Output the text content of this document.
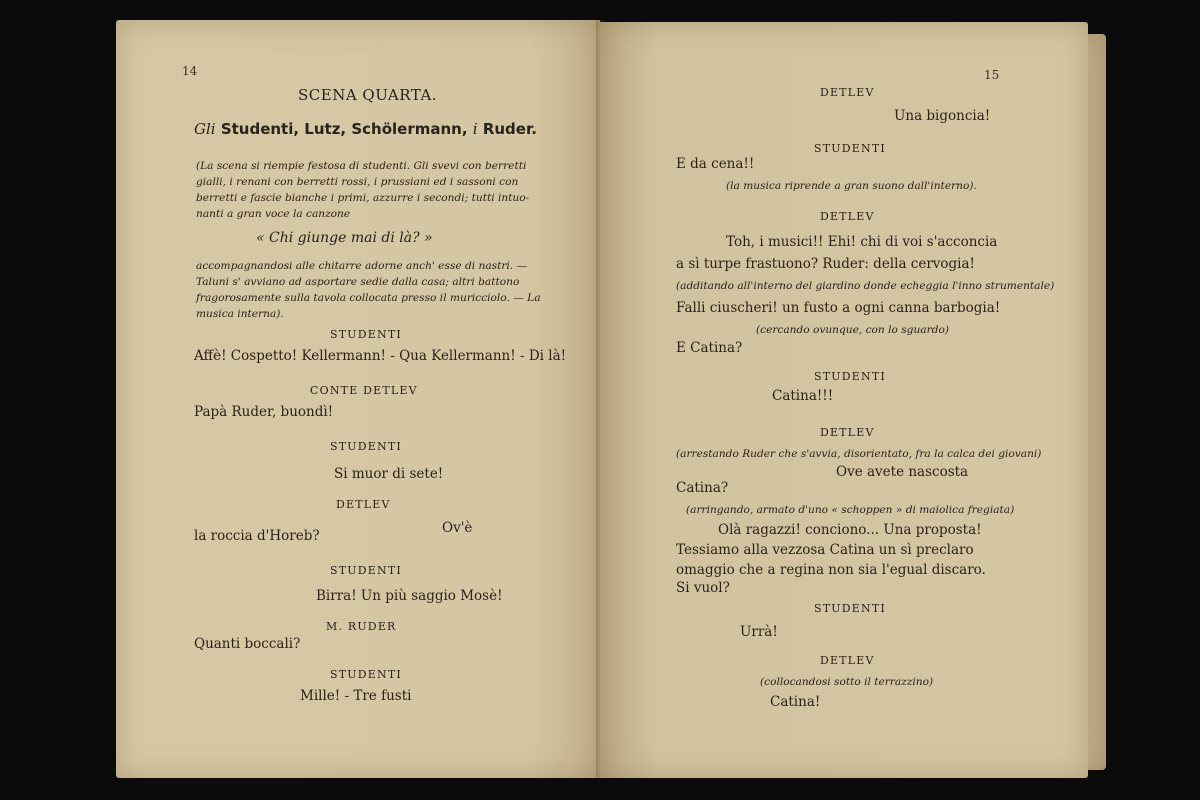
14
SCENA QUARTA.
Gli Studenti, Lutz, Schölermann, i Ruder.
(La scena si riempie festosa di studenti. Gli svevi con berretti
gialli, i renani con berretti rossi, i prussiani ed i sassoni con
berretti e fascie bianche i primi, azzurre i secondi; tutti intuo-
nanti a gran voce la canzone
« Chi giunge mai di là? »
accompagnandosi alle chitarre adorne anch' esse di nastri. —
Taluni s' avviano ad asportare sedie dalla casa; altri battono
fragorosamente sulla tavola collocata presso il muricciolo. — La
musica interna).
STUDENTI
Affè! Cospetto! Kellermann! - Qua Kellermann! - Di là!
CONTE DETLEV
Papà Ruder, buondì!
STUDENTI
Si muor di sete!
DETLEV
Ov'è
la roccia d'Horeb?
STUDENTI
Birra! Un più saggio Mosè!
M. RUDER
Quanti boccali?
STUDENTI
Mille! - Tre fusti
15
DETLEV
Una bigoncia!
STUDENTI
E da cena!!
(la musica riprende a gran suono dall'interno).
DETLEV
Toh, i musici!! Ehi! chi di voi s'acconcia
a sì turpe frastuono? Ruder: della cervogia!
(additando all'interno del giardino donde echeggia l'inno strumentale)
Falli ciuscheri! un fusto a ogni canna barbogia!
(cercando ovunque, con lo sguardo)
E Catina?
STUDENTI
Catina!!!
DETLEV
(arrestando Ruder che s'avvia, disorientato, fra la calca dei giovani)
Ove avete nascosta
Catina?
(arringando, armato d'uno « schoppen » di maiolica fregiata)
Olà ragazzi! conciono... Una proposta!
Tessiamo alla vezzosa Catina un sì preclaro
omaggio che a regina non sia l'egual discaro.
Si vuol?
STUDENTI
Urrà!
DETLEV
(collocandosi sotto il terrazzino)
Catina!
